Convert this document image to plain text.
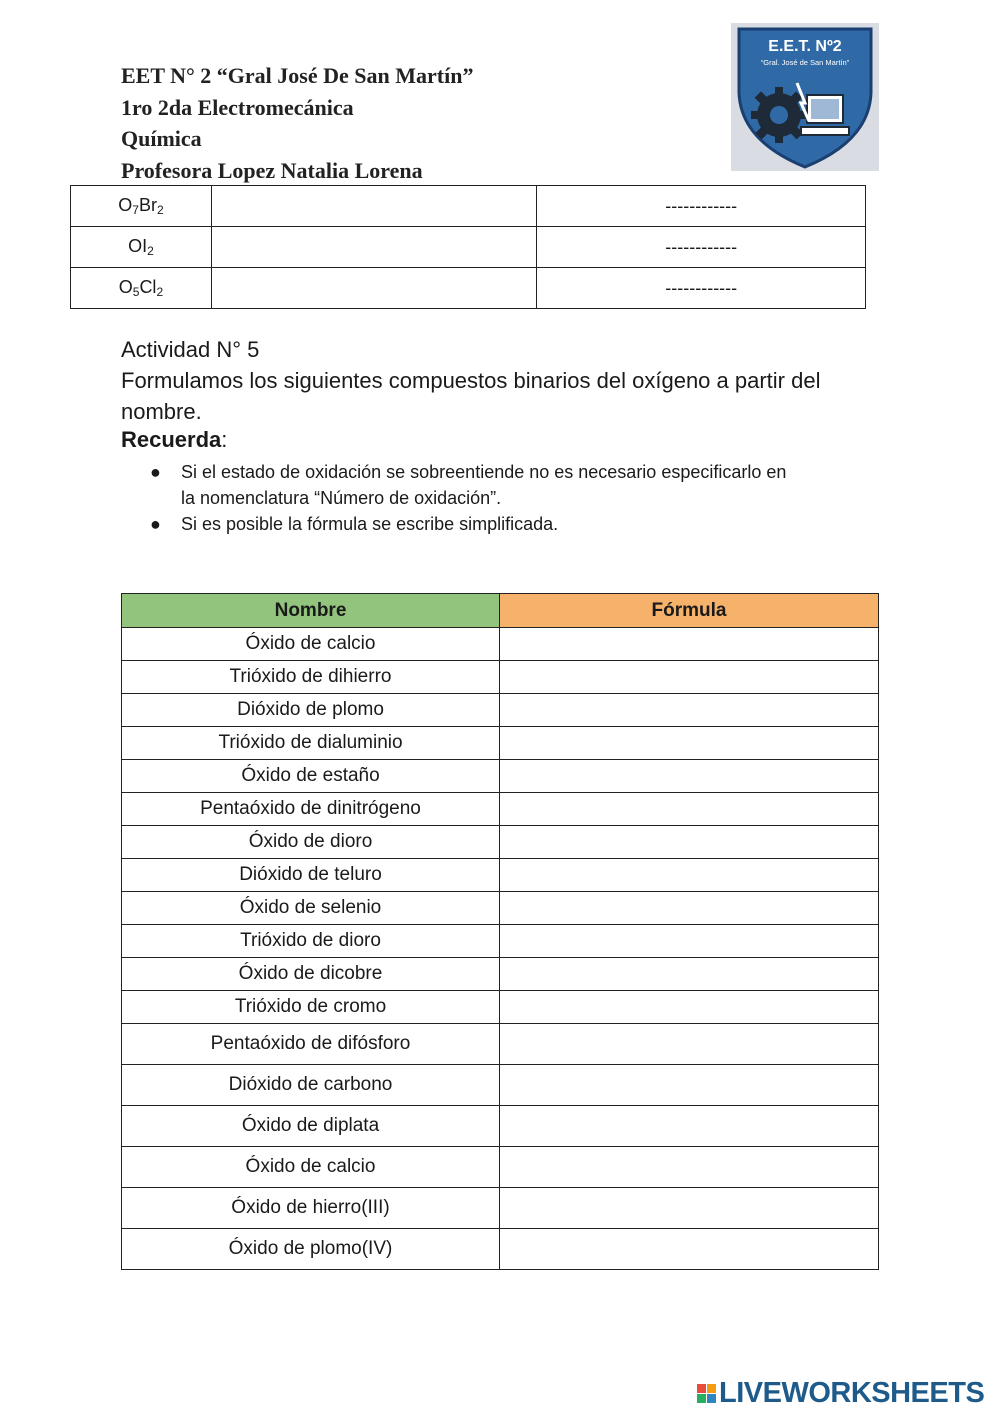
EET N° 2 “Gral José De San Martín”
1ro 2da Electromecánica
Química
Profesora Lopez Natalia Lorena
E.E.T. Nº2
“Gral. José de San Martín”
$O_7Br_2$		------------
$OI_2$		------------
$O_5Cl_2$		------------
Actividad N° 5
Formulamos los siguientes compuestos binarios del oxígeno a partir del
nombre.
Recuerda:
● Si el estado de oxidación se sobreentiende no es necesario especificarlo en
la nomenclatura “Número de oxidación”.
● Si es posible la fórmula se escribe simplificada.
Nombre	Fórmula
Óxido de calcio	
Trióxido de dihierro	
Dióxido de plomo	
Trióxido de dialuminio	
Óxido de estaño	
Pentaóxido de dinitrógeno	
Óxido de dioro	
Dióxido de teluro	
Óxido de selenio	
Trióxido de dioro	
Óxido de dicobre	
Trióxido de cromo	
Pentaóxido de difósforo	
Dióxido de carbono	
Óxido de diplata	
Óxido de calcio	
Óxido de hierro(III)	
Óxido de plomo(IV)	
LIVEWORKSHEETS
